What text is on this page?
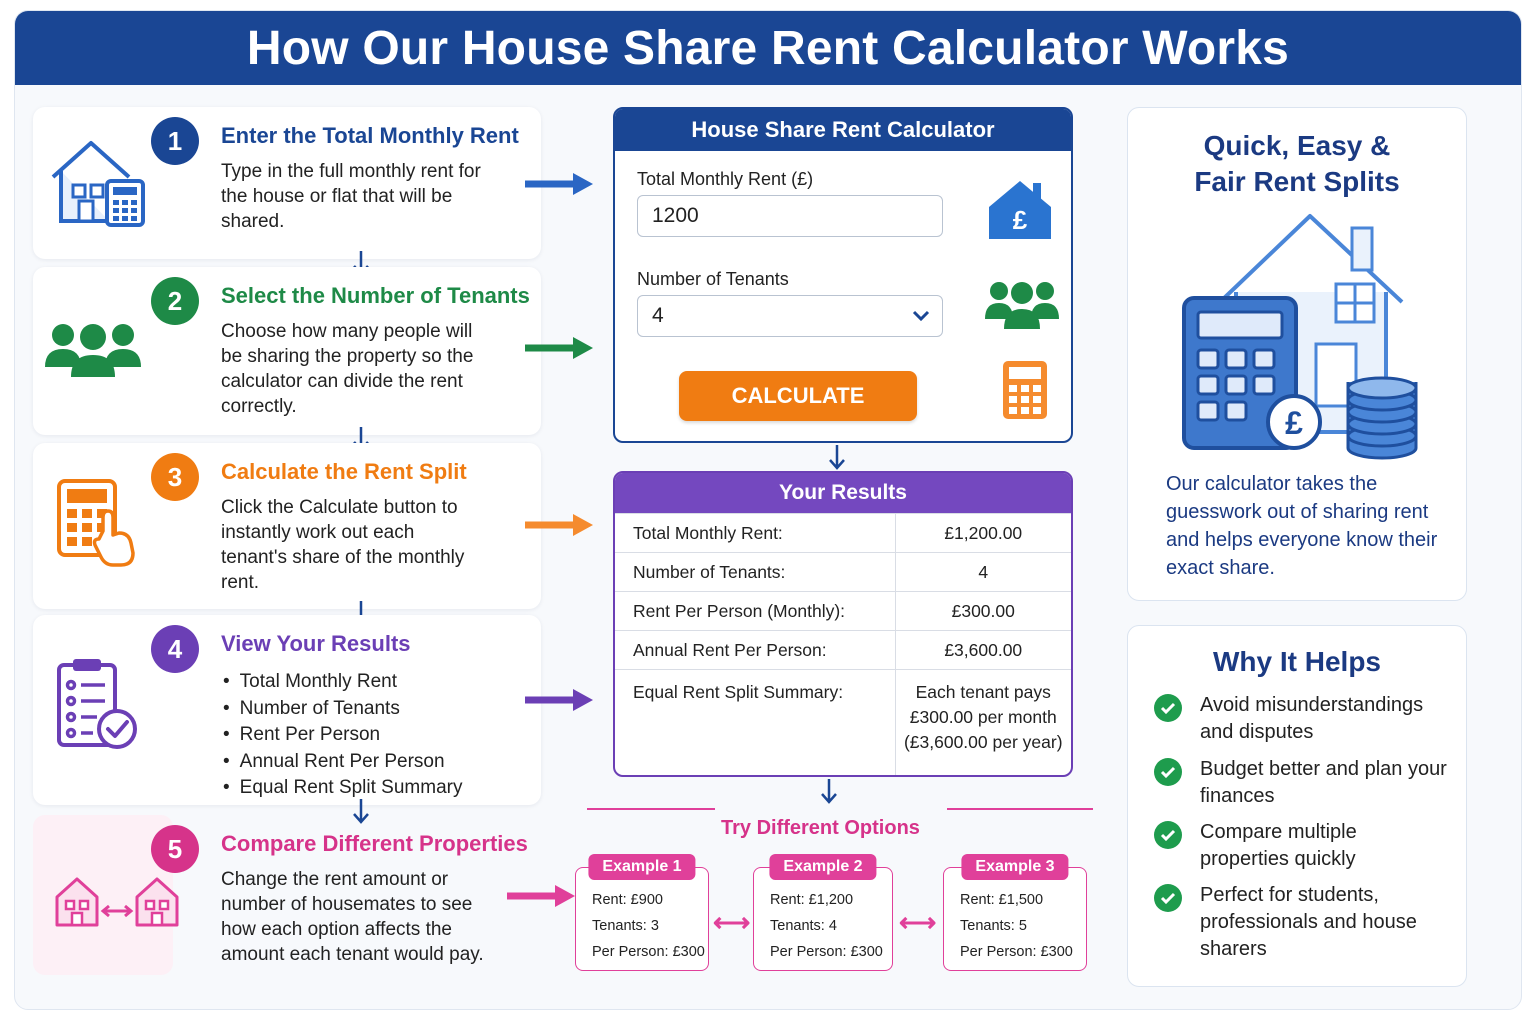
How Our House Share Rent Calculator Works
1	Enter the Total Monthly Rent
Type in the full monthly rent for the house or flat that will be shared.
2	Select the Number of Tenants
Choose how many people will be sharing the property so the calculator can divide the rent correctly.
3	Calculate the Rent Split
Click the Calculate button to instantly work out each tenant's share of the monthly rent.
4	View Your Results
• Total Monthly Rent
• Number of Tenants
• Rent Per Person
• Annual Rent Per Person
• Equal Rent Split Summary
5	Compare Different Properties
Change the rent amount or number of housemates to see how each option affects the amount each tenant would pay.
House Share Rent Calculator
Total Monthly Rent (£)
1200
Number of Tenants
4
CALCULATE
£
Your Results
Total Monthly Rent:	£1,200.00
Number of Tenants:	4
Rent Per Person (Monthly):	£300.00
Annual Rent Per Person:	£3,600.00
Equal Rent Split Summary:	Each tenant pays
£300.00 per month
(£3,600.00 per year)
Try Different Options
Example 1
Rent: £900
Tenants: 3
Per Person: £300
⟷
Example 2
Rent: £1,200
Tenants: 4
Per Person: £300
⟷
Example 3
Rent: £1,500
Tenants: 5
Per Person: £300
Quick, Easy &
Fair Rent Splits
£
Our calculator takes the guesswork out of sharing rent and helps everyone know their exact share.
Why It Helps
Avoid misunderstandings and disputes
Budget better and plan your finances
Compare multiple properties quickly
Perfect for students, professionals and house sharers
